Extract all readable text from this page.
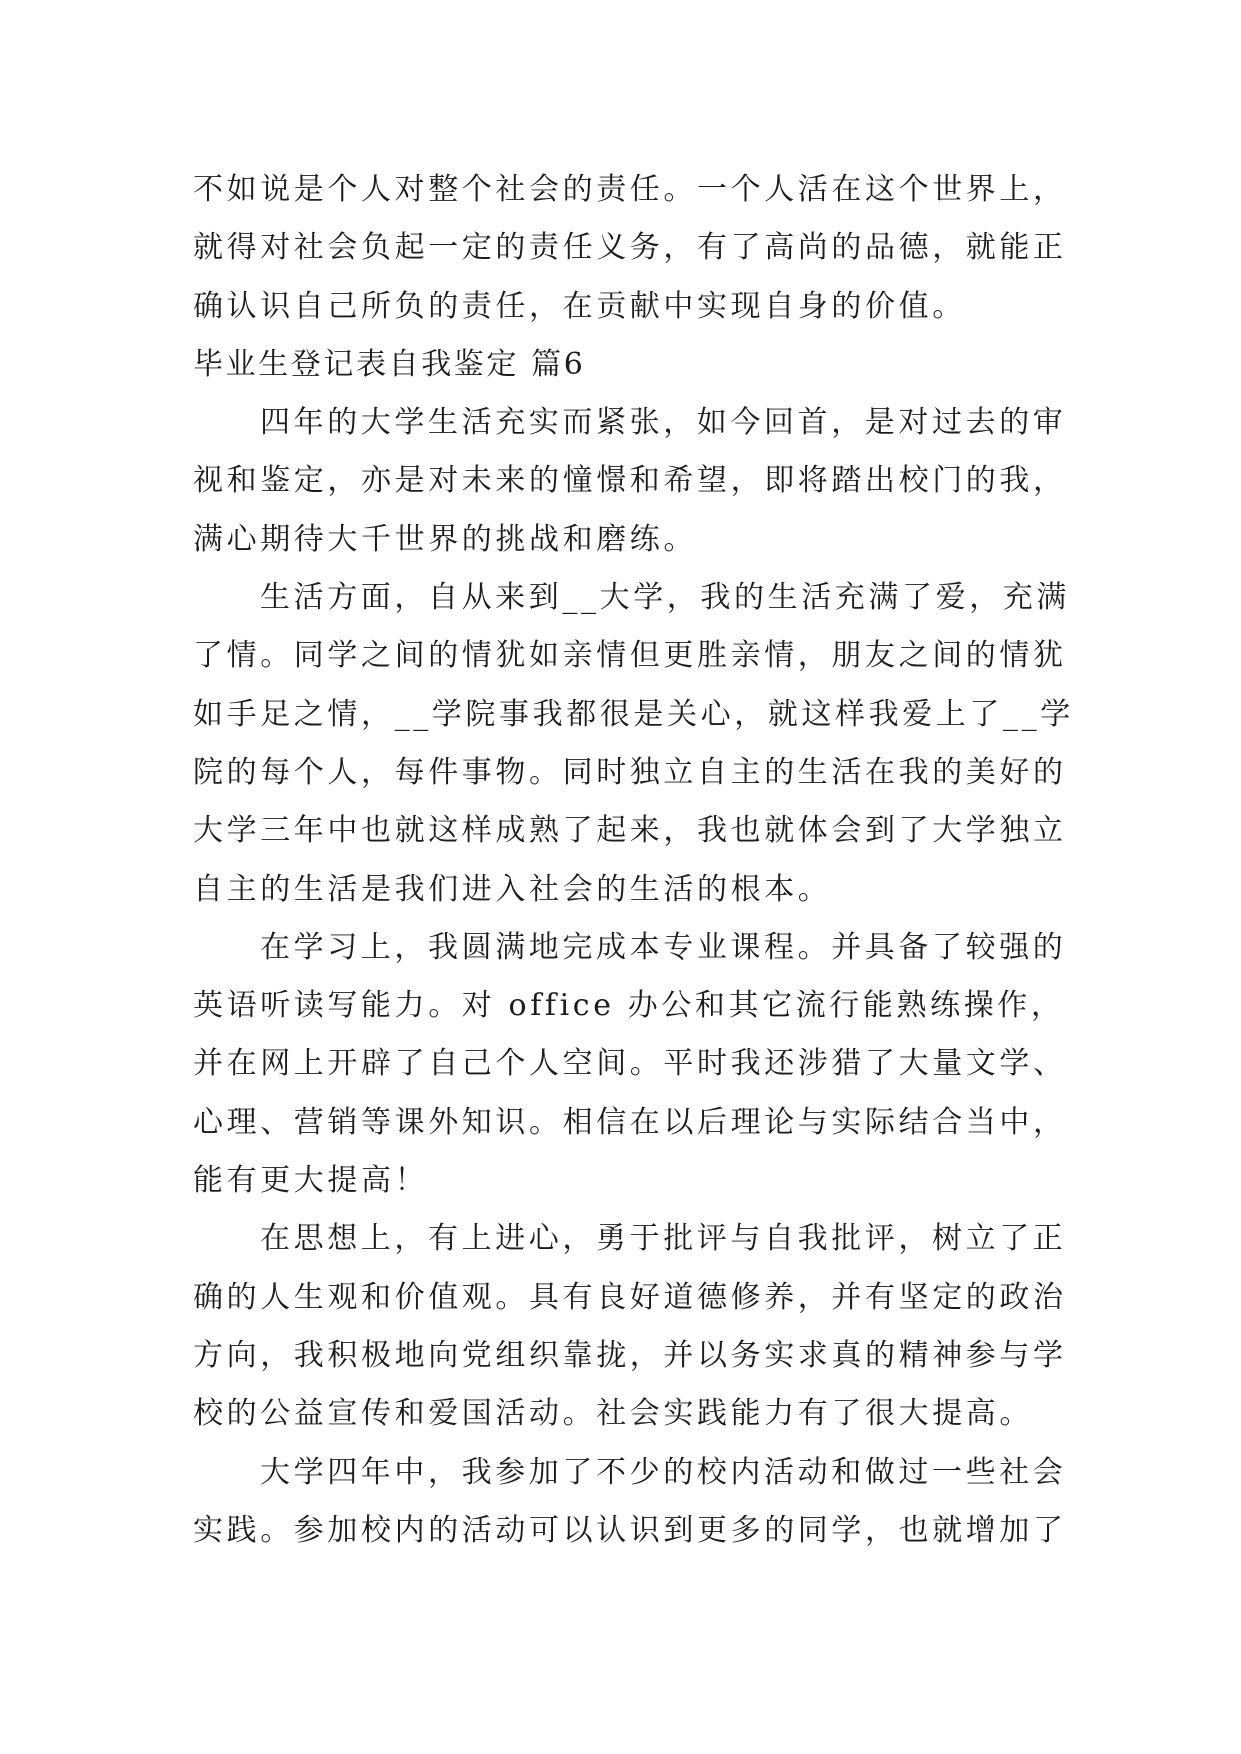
不如说是个人对整个社会的责任。一个人活在这个世界上，
就得对社会负起一定的责任义务，有了高尚的品德，就能正
确认识自己所负的责任，在贡献中实现自身的价值。
毕业生登记表自我鉴定 篇6
四年的大学生活充实而紧张，如今回首，是对过去的审
视和鉴定，亦是对未来的憧憬和希望，即将踏出校门的我，
满心期待大千世界的挑战和磨练。
生活方面，自从来到__大学，我的生活充满了爱，充满
了情。同学之间的情犹如亲情但更胜亲情，朋友之间的情犹
如手足之情，__学院事我都很是关心，就这样我爱上了__学
院的每个人，每件事物。同时独立自主的生活在我的美好的
大学三年中也就这样成熟了起来，我也就体会到了大学独立
自主的生活是我们进入社会的生活的根本。
在学习上，我圆满地完成本专业课程。并具备了较强的
英语听读写能力。对 office 办公和其它流行能熟练操作，
并在网上开辟了自己个人空间。平时我还涉猎了大量文学、
心理、营销等课外知识。相信在以后理论与实际结合当中，
能有更大提高！
在思想上，有上进心，勇于批评与自我批评，树立了正
确的人生观和价值观。具有良好道德修养，并有坚定的政治
方向，我积极地向党组织靠拢，并以务实求真的精神参与学
校的公益宣传和爱国活动。社会实践能力有了很大提高。
大学四年中，我参加了不少的校内活动和做过一些社会
实践。参加校内的活动可以认识到更多的同学，也就增加了
